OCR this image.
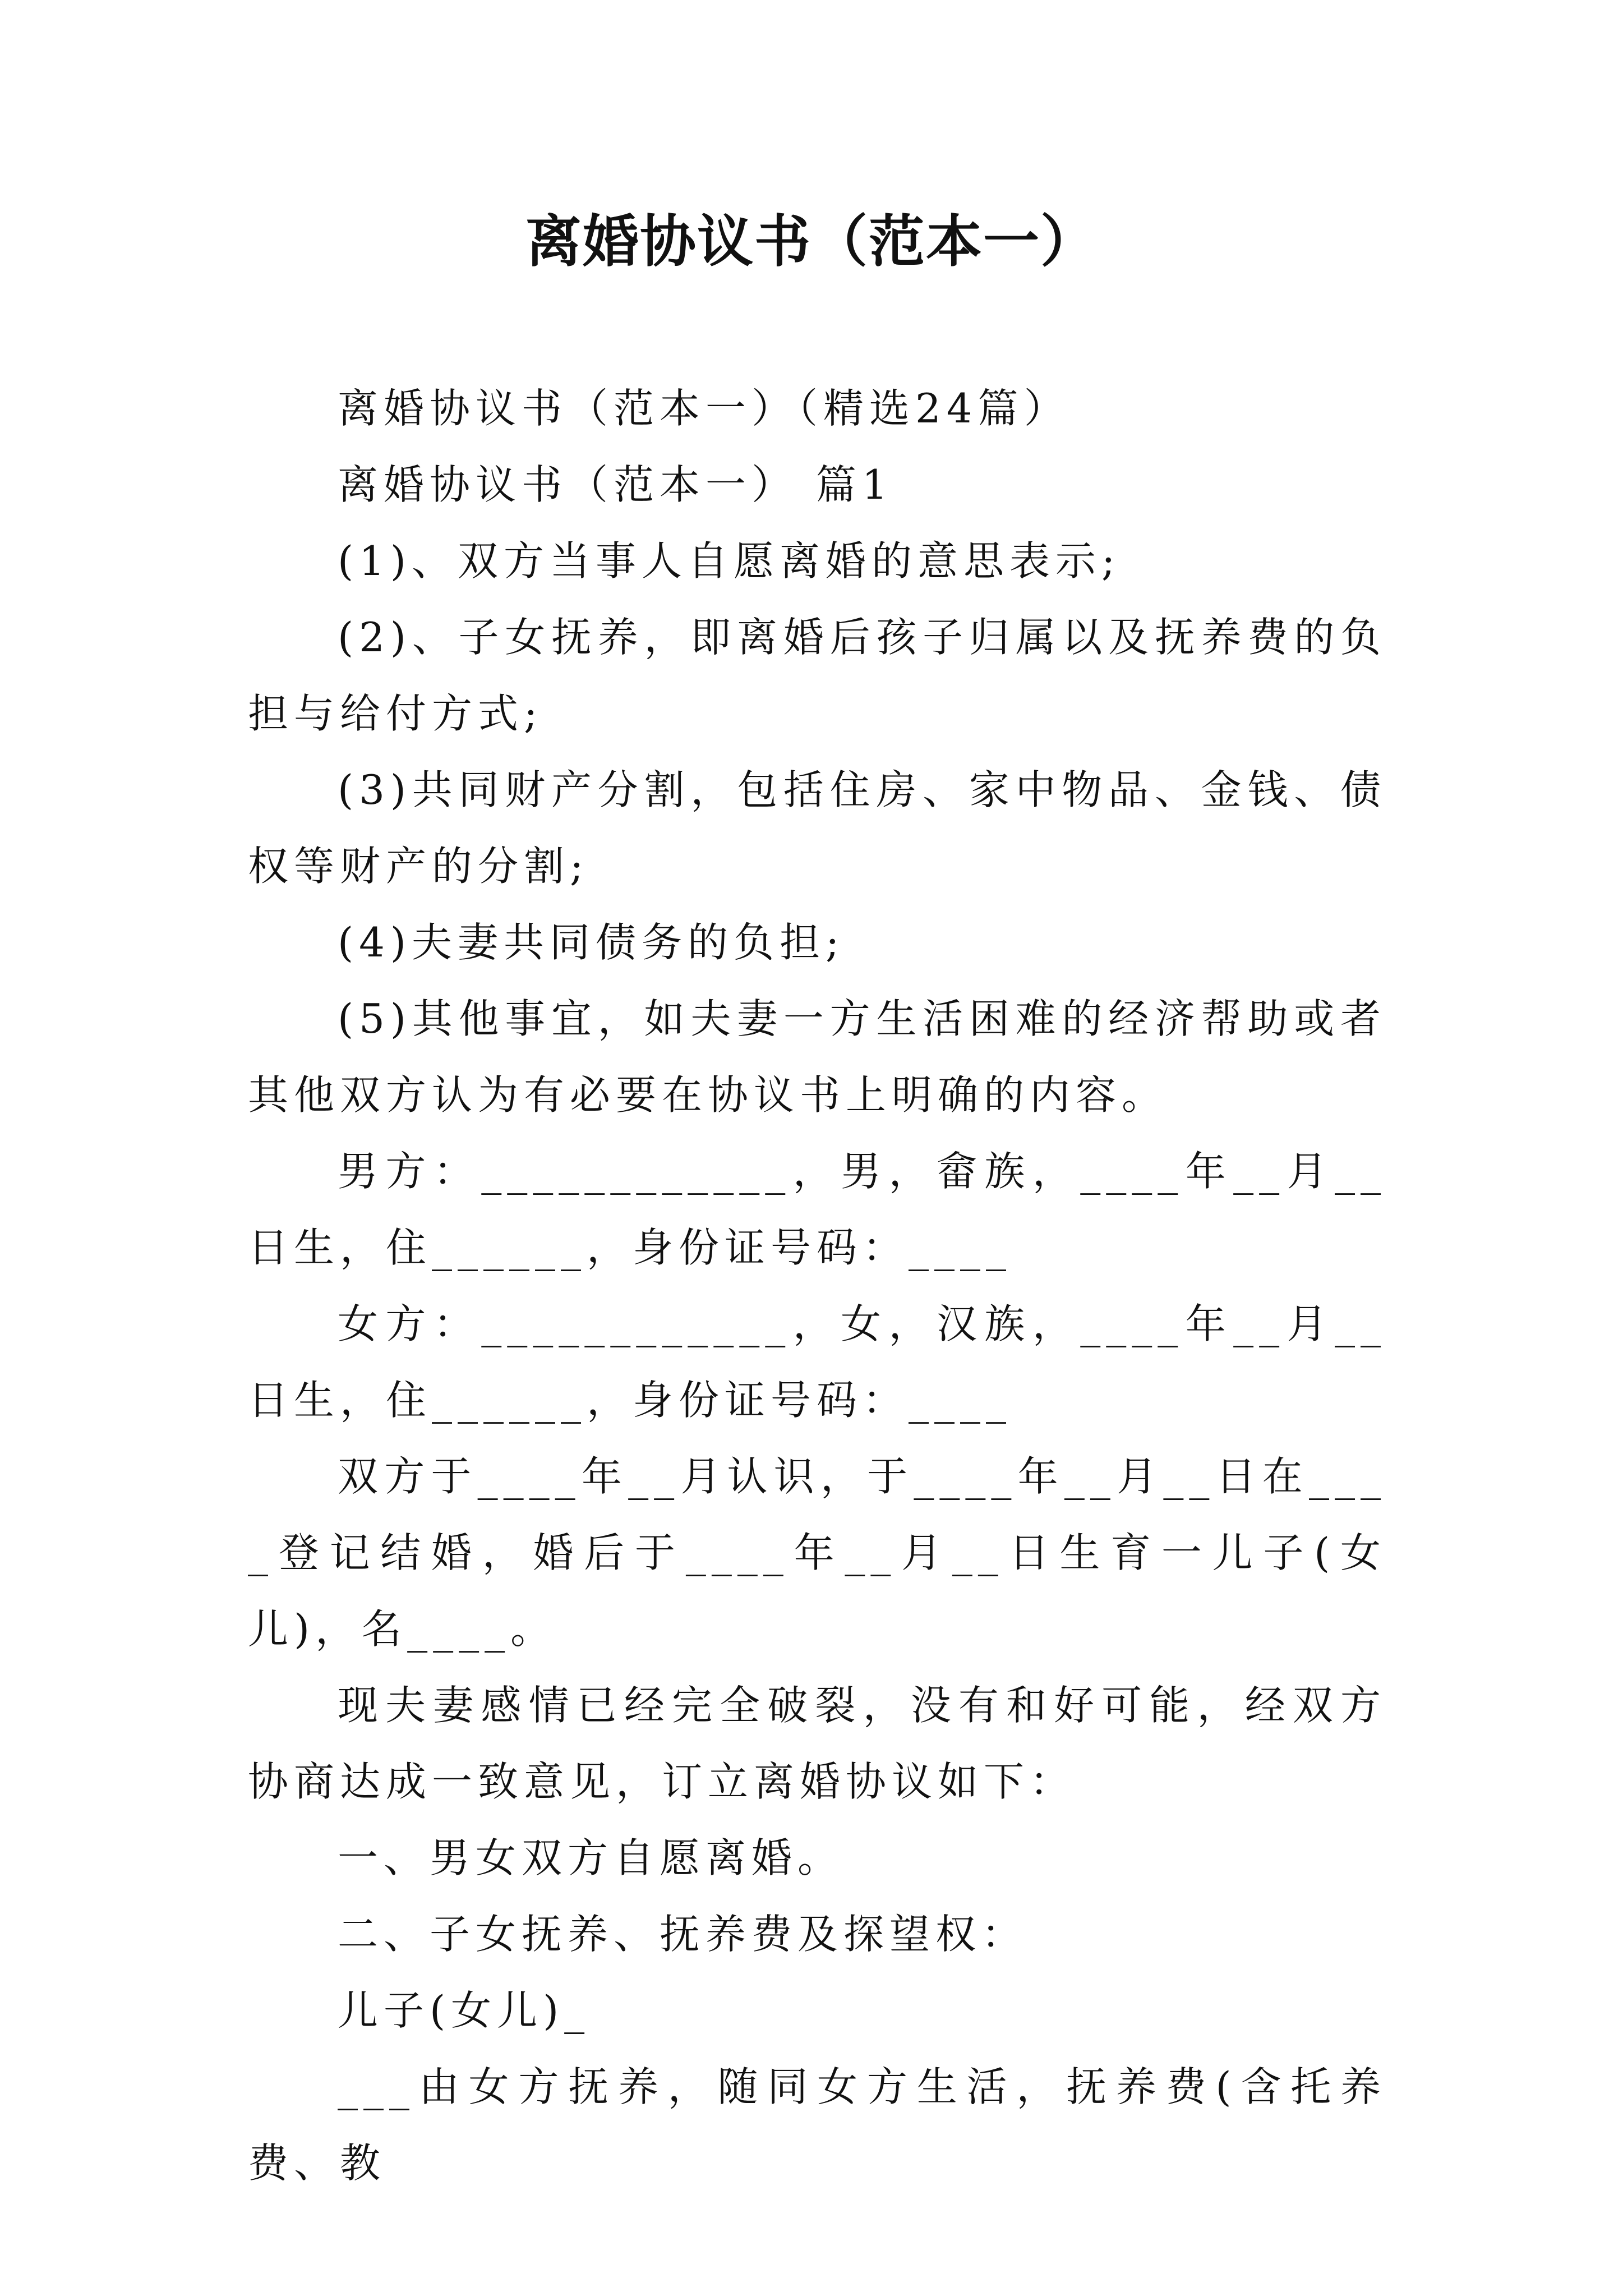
离婚协议书（范本一）

离婚协议书（范本一）（精选24篇）

离婚协议书（范本一） 篇1

(1)、双方当事人自愿离婚的意思表示;

(2)、子女抚养，即离婚后孩子归属以及抚养费的负担与给付方式;

(3)共同财产分割，包括住房、家中物品、金钱、债权等财产的分割;

(4)夫妻共同债务的负担;

(5)其他事宜，如夫妻一方生活困难的经济帮助或者其他双方认为有必要在协议书上明确的内容。

男方：____________，男，畲族，____年__月__日生，住______，身份证号码：____

女方：____________，女，汉族，____年__月__日生，住______，身份证号码：____

双方于____年__月认识，于____年__月__日在____登记结婚，婚后于____年__月__日生育一儿子(女儿)，名____。

现夫妻感情已经完全破裂，没有和好可能，经双方协商达成一致意见，订立离婚协议如下：

一、男女双方自愿离婚。

二、子女抚养、抚养费及探望权：

儿子(女儿)_

___由女方抚养，随同女方生活，抚养费(含托养费、教
